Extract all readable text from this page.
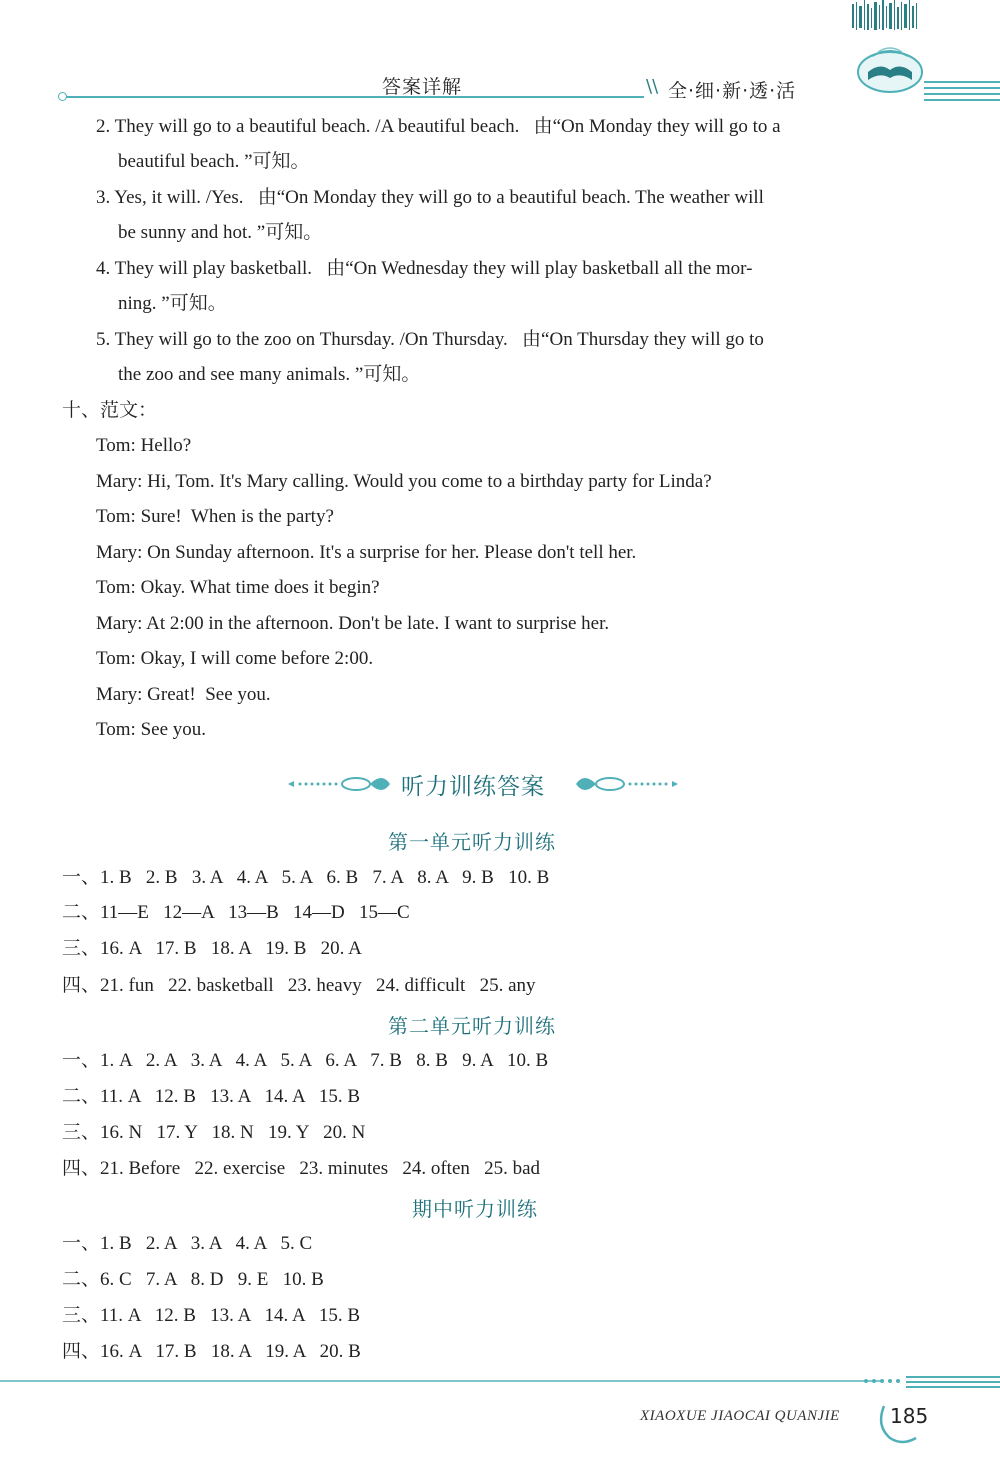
答案详解	\\ 全·细·新·透·活
2. They will go to a beautiful beach. /A beautiful beach.   由“On Monday they will go to a
beautiful beach. ”可知。
3. Yes, it will. /Yes.   由“On Monday they will go to a beautiful beach. The weather will
be sunny and hot. ”可知。
4. They will play basketball.   由“On Wednesday they will play basketball all the mor-
ning. ”可知。
5. They will go to the zoo on Thursday. /On Thursday.   由“On Thursday they will go to
the zoo and see many animals. ”可知。
十、范文：
Tom: Hello?
Mary: Hi, Tom. It's Mary calling. Would you come to a birthday party for Linda?
Tom: Sure!  When is the party?
Mary: On Sunday afternoon. It's a surprise for her. Please don't tell her.
Tom: Okay. What time does it begin?
Mary: At 2:00 in the afternoon. Don't be late. I want to surprise her.
Tom: Okay, I will come before 2:00.
Mary: Great!  See you.
Tom: See you.
听力训练答案
第一单元听力训练
一、1. B   2. B   3. A   4. A   5. A   6. B   7. A   8. A   9. B   10. B
二、11—E   12—A   13—B   14—D   15—C
三、16. A   17. B   18. A   19. B   20. A
四、21. fun   22. basketball   23. heavy   24. difficult   25. any
第二单元听力训练
一、1. A   2. A   3. A   4. A   5. A   6. A   7. B   8. B   9. A   10. B
二、11. A   12. B   13. A   14. A   15. B
三、16. N   17. Y   18. N   19. Y   20. N
四、21. Before   22. exercise   23. minutes   24. often   25. bad
期中听力训练
一、1. B   2. A   3. A   4. A   5. C
二、6. C   7. A   8. D   9. E   10. B
三、11. A   12. B   13. A   14. A   15. B
四、16. A   17. B   18. A   19. A   20. B
XIAOXUE JIAOCAI QUANJIE	185
